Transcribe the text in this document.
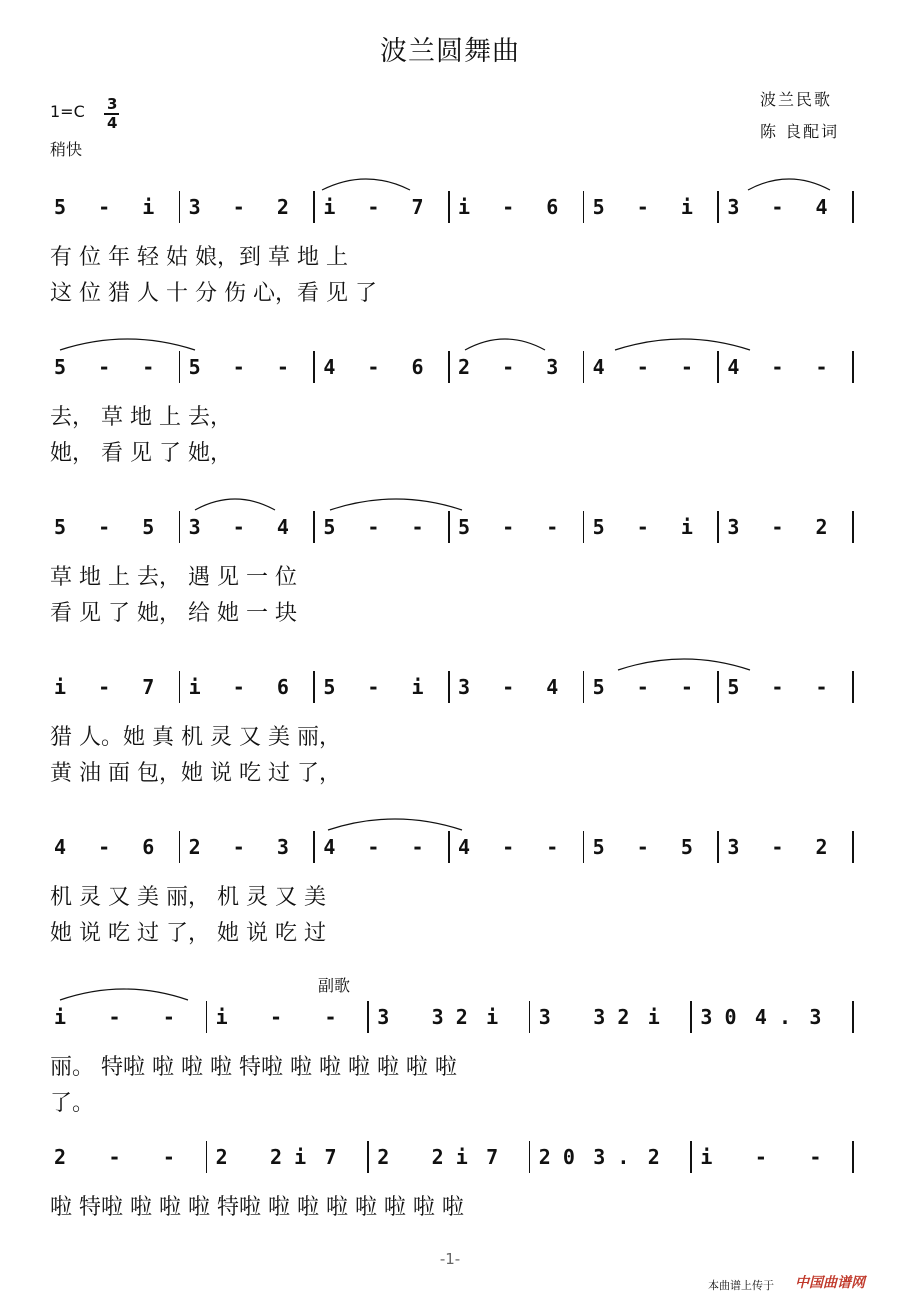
波兰圆舞曲
1=C 3
4
稍快
波兰民歌
陈 良配词
副歌
5 - i 3 - 2 i - 7 i - 6 5 - i 3 - 4
有 位 年 轻 姑 娘，到 草 地 上
这 位 猎 人 十 分 伤 心，看 见 了
5 - - 5 - - 4 - 6 2 - 3 4 - - 4 - -
去， 草 地 上 去，
她， 看 见 了 她，
5 - 5 3 - 4 5 - - 5 - - 5 - i 3 - 2
草 地 上 去， 遇 见 一 位
看 见 了 她， 给 她 一 块
i - 7 i - 6 5 - i 3 - 4 5 - - 5 - -
猎 人。她 真 机 灵 又 美 丽，
黄 油 面 包，她 说 吃 过 了，
4 - 6 2 - 3 4 - - 4 - - 5 - 5 3 - 2
机 灵 又 美 丽， 机 灵 又 美
她 说 吃 过 了， 她 说 吃 过
i - - i - - 3 3 2 i 3 3 2 i 3 0 4 . 3
丽。 特啦 啦 啦 啦 特啦 啦 啦 啦 啦 啦 啦
了。
2 - - 2 2 i 7 2 2 i 7 2 0 3 . 2 i - -
啦 特啦 啦 啦 啦 特啦 啦 啦 啦 啦 啦 啦 啦
-1-
本曲谱上传于 中国曲谱网
